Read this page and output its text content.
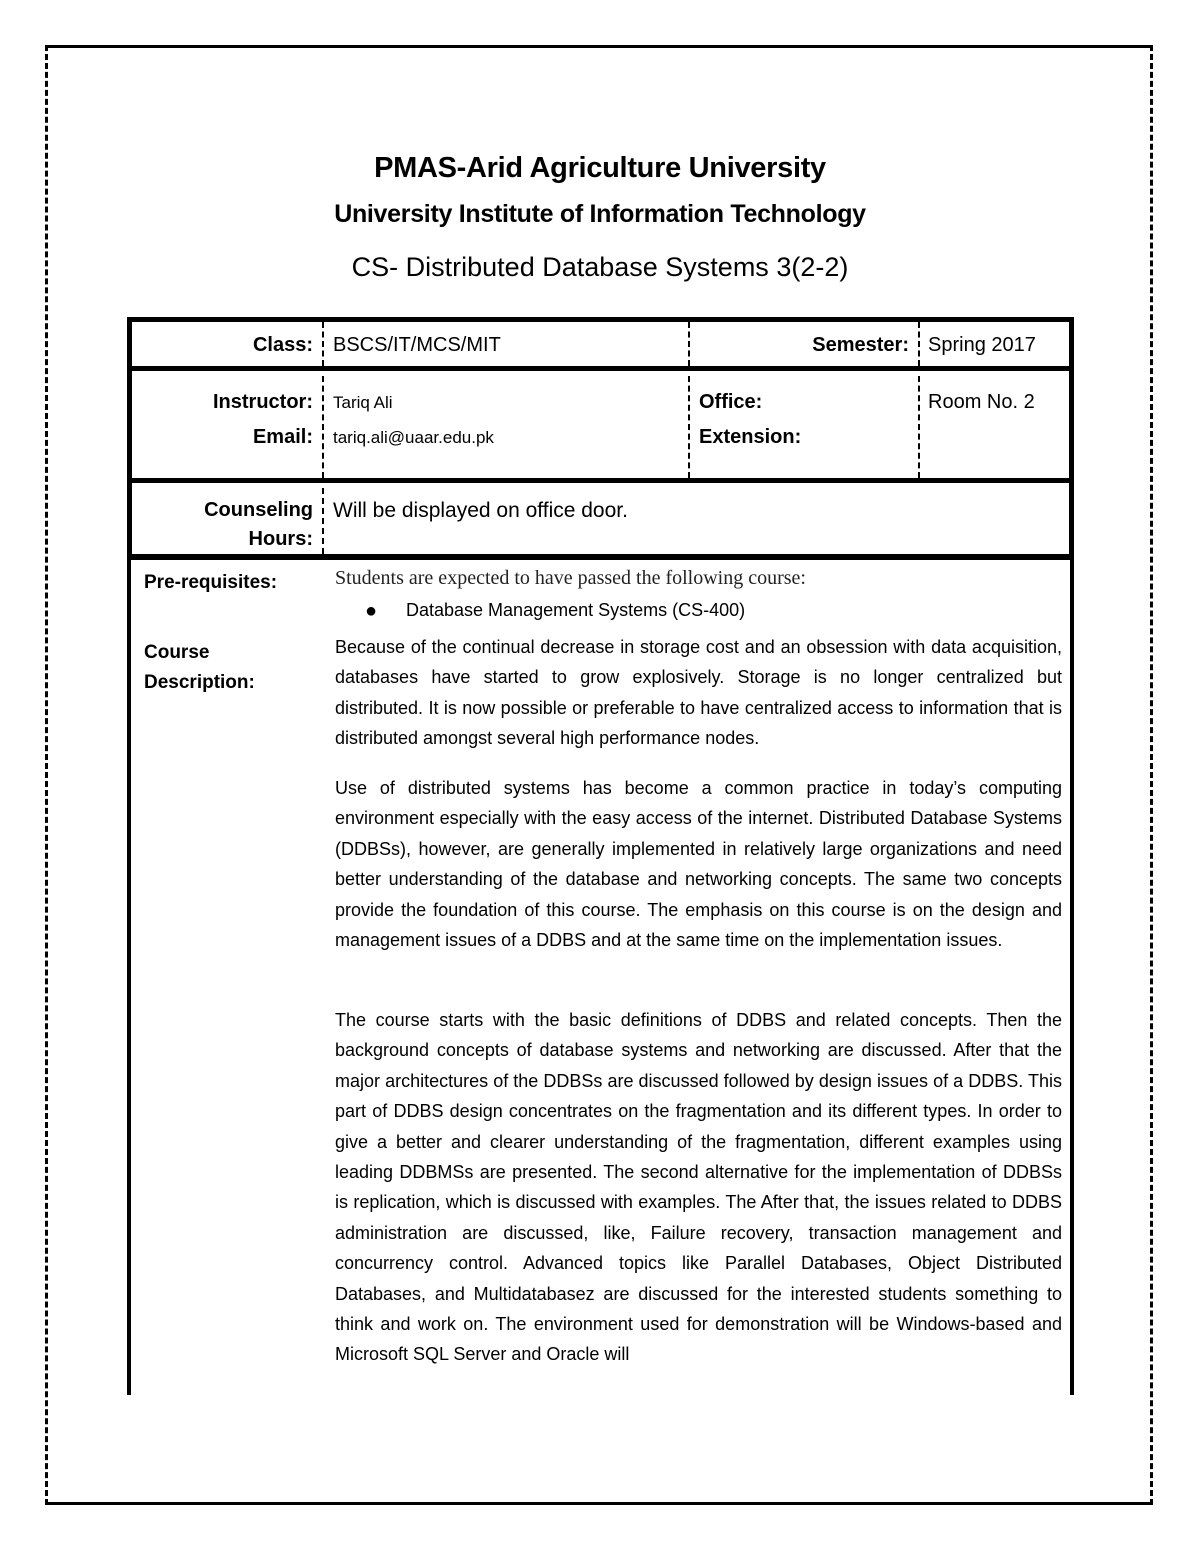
PMAS-Arid Agriculture University
University Institute of Information Technology
CS- Distributed Database Systems 3(2-2)
Class:	BSCS/IT/MCS/MIT	Semester: Spring 2017
Instructor:
Email:
Tariq Ali
tariq.ali@uaar.edu.pk
Office:
Extension:
Room No. 2
Counseling
Hours:
Will be displayed on office door.
Pre-requisites:
Course
Description:
Students are expected to have passed the following course:
● Database Management Systems (CS-400)

Because of the continual decrease in storage cost and an obsession with data acquisition, databases have started to grow explosively. Storage is no longer centralized but distributed. It is now possible or preferable to have centralized access to information that is distributed amongst several high performance nodes.

Use of distributed systems has become a common practice in today’s computing environment especially with the easy access of the internet. Distributed Database Systems (DDBSs), however, are generally implemented in relatively large organizations and need better understanding of the database and networking concepts. The same two concepts provide the foundation of this course. The emphasis on this course is on the design and management issues of a DDBS and at the same time on the implementation issues.

The course starts with the basic definitions of DDBS and related concepts. Then the background concepts of database systems and networking are discussed. After that the major architectures of the DDBSs are discussed followed by design issues of a DDBS. This part of DDBS design concentrates on the fragmentation and its different types. In order to give a better and clearer understanding of the fragmentation, different examples using leading DDBMSs are presented. The second alternative for the implementation of DDBSs is replication, which is discussed with examples. The After that, the issues related to DDBS administration are discussed, like, Failure recovery, transaction management and concurrency control. Advanced topics like Parallel Databases, Object Distributed Databases, and Multidatabasez are discussed for the interested students something to think and work on. The environment used for demonstration will be Windows-based and Microsoft SQL Server and Oracle will
